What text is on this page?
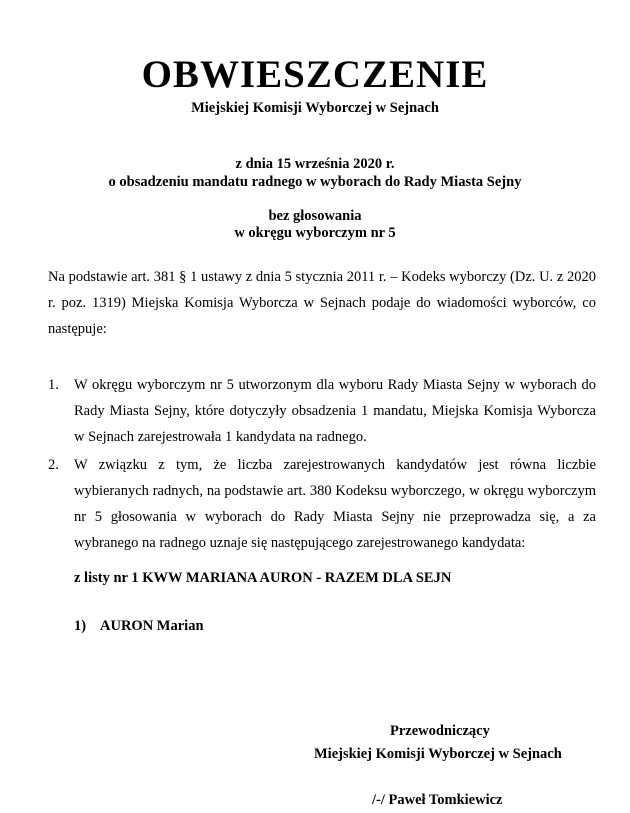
OBWIESZCZENIE
Miejskiej Komisji Wyborczej w Sejnach
z dnia 15 września 2020 r.
o obsadzeniu mandatu radnego w wyborach do Rady Miasta Sejny
bez głosowania
w okręgu wyborczym nr 5
Na podstawie art. 381 § 1 ustawy z dnia 5 stycznia 2011 r. – Kodeks wyborczy (Dz. U. z 2020 r. poz. 1319) Miejska Komisja Wyborcza w Sejnach podaje do wiadomości wyborców, co następuje:
1. W okręgu wyborczym nr 5 utworzonym dla wyboru Rady Miasta Sejny w wyborach do Rady Miasta Sejny, które dotyczyły obsadzenia 1 mandatu, Miejska Komisja Wyborcza w Sejnach zarejestrowała 1 kandydata na radnego.
2. W związku z tym, że liczba zarejestrowanych kandydatów jest równa liczbie wybieranych radnych, na podstawie art. 380 Kodeksu wyborczego, w okręgu wyborczym nr 5 głosowania w wyborach do Rady Miasta Sejny nie przeprowadza się, a za wybranego na radnego uznaje się następującego zarejestrowanego kandydata:
z listy nr 1 KWW MARIANA AURON - RAZEM DLA SEJN
1) AURON Marian
Przewodniczący
Miejskiej Komisji Wyborczej w Sejnach
/-/ Paweł Tomkiewicz
